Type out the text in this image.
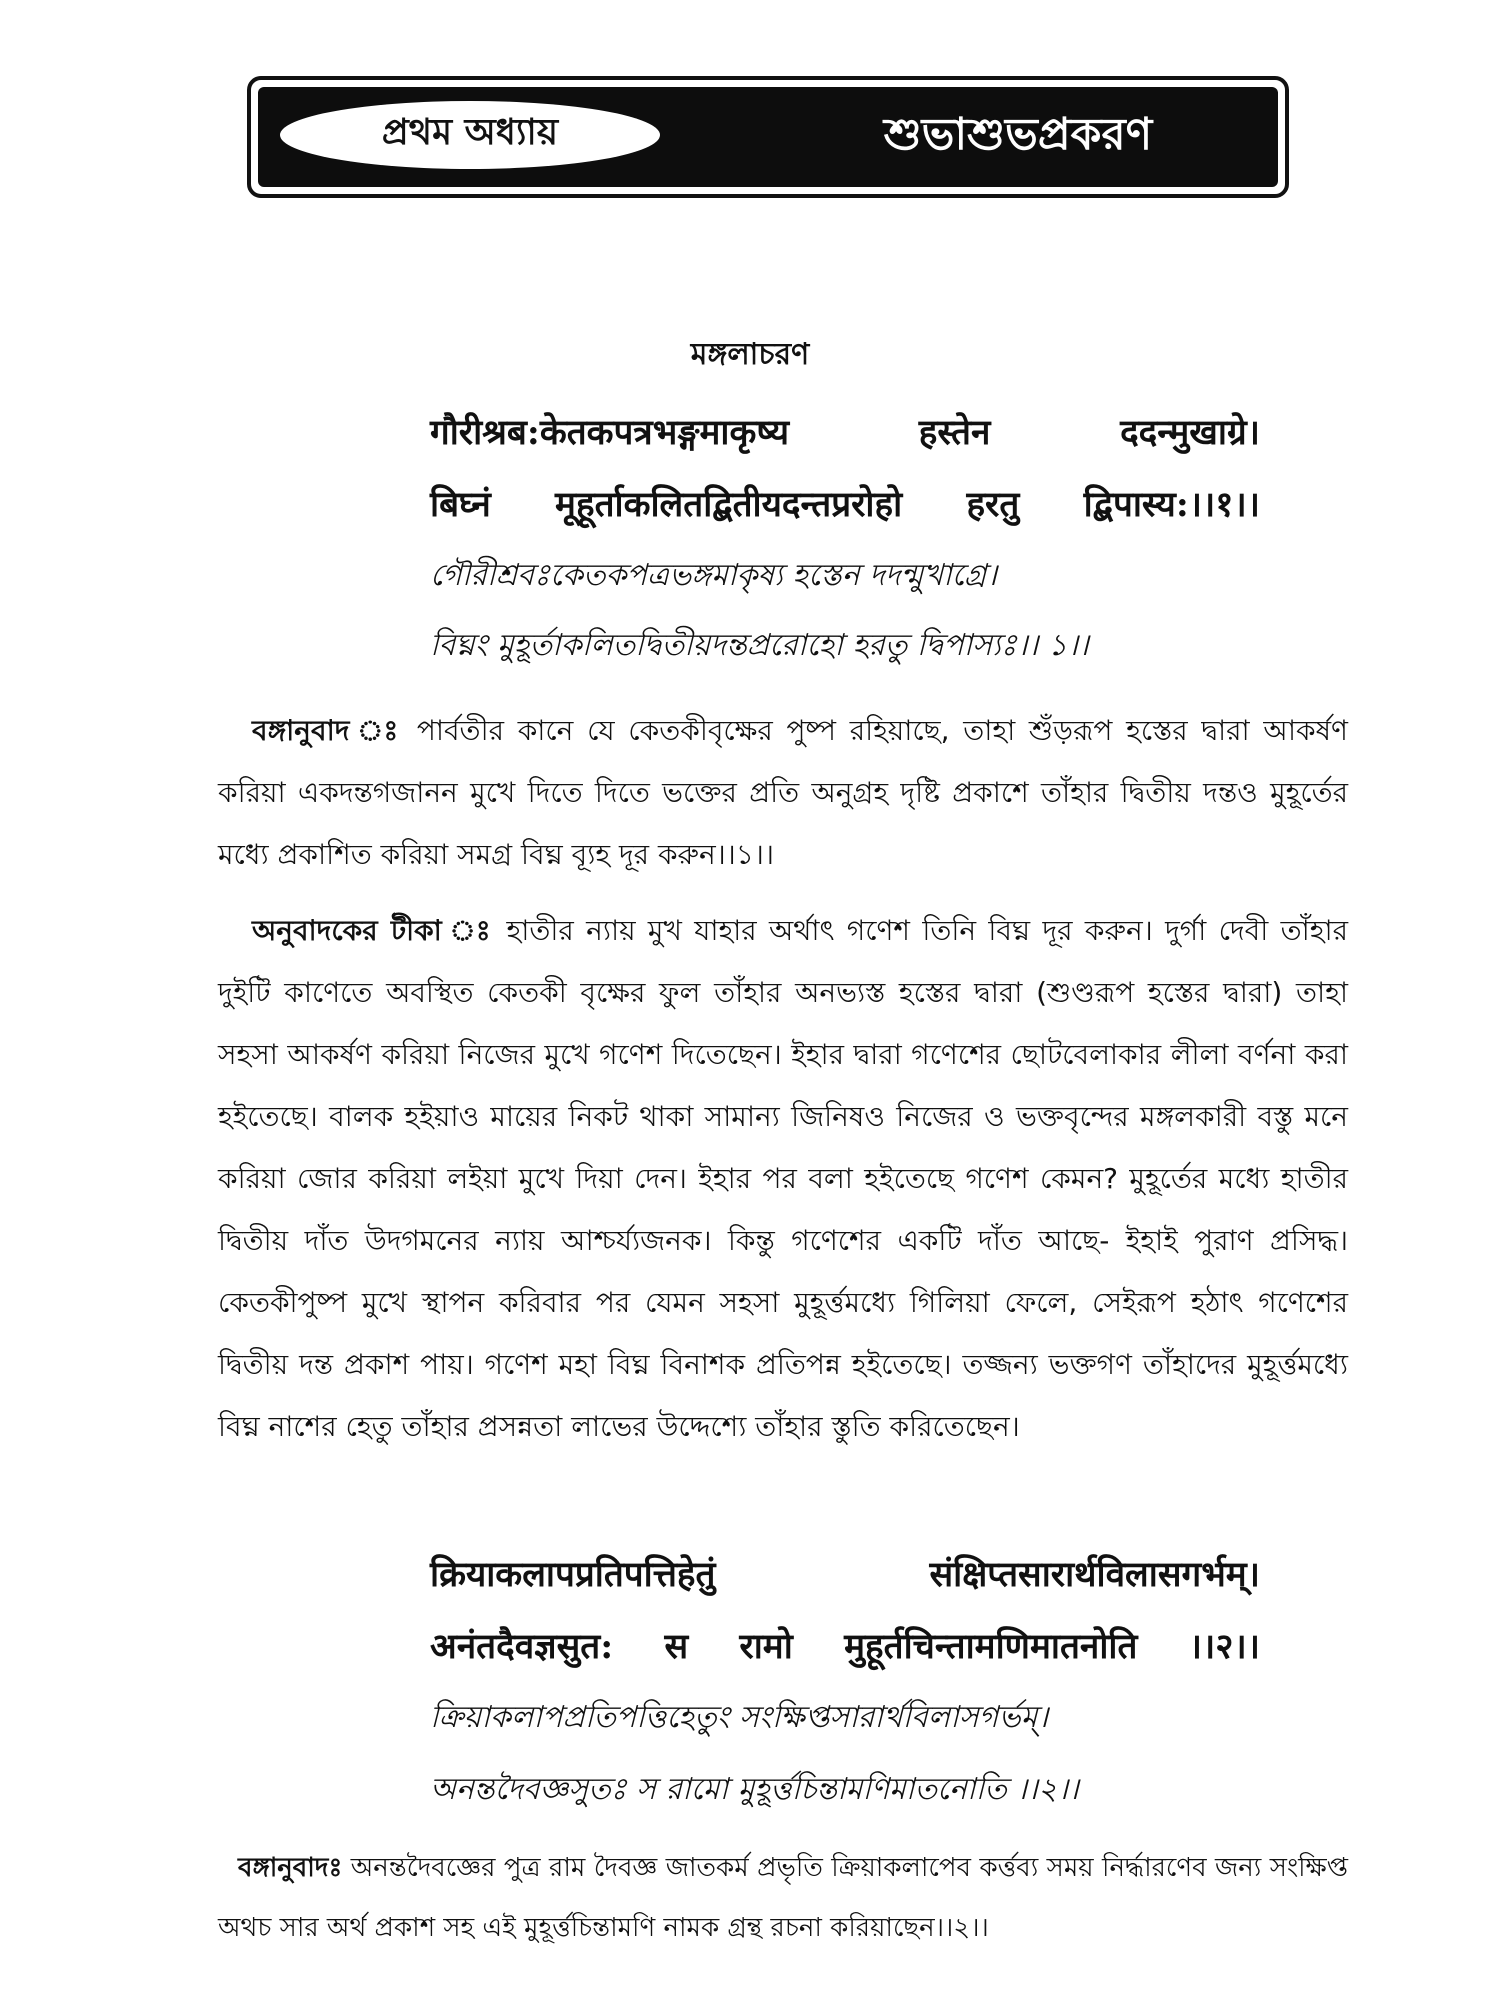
প্রথম অধ্যায়	শুভাশুভপ্রকরণ
মঙ্গলাচরণ
गौरीश्रब:केतकपत्रभङ्गमाकृष्य हस्तेन ददन्मुखाग्रे।
बिघ्नं मूहूर्ताकलितद्बितीयदन्तप्ररोहो हरतु द्बिपास्य:।।१।।
গৌরীশ্রবঃকেতকপত্রভঙ্গমাকৃষ্য হস্তেন দদন্মুখাগ্রে।
বিঘ্নং মুহূর্তাকলিতদ্বিতীয়দন্তপ্ররোহো হরতু দ্বিপাস্যঃ।। ১।।
বঙ্গানুবাদ ঃ পার্বতীর কানে যে কেতকীবৃক্ষের পুষ্প রহিয়াছে, তাহা শুঁড়রূপ হস্তের দ্বারা আকর্ষণ করিয়া একদন্তগজানন মুখে দিতে দিতে ভক্তের প্রতি অনুগ্রহ দৃষ্টি প্রকাশে তাঁহার দ্বিতীয় দন্তও মুহূর্তের মধ্যে প্রকাশিত করিয়া সমগ্র বিঘ্ন ব্যূহ দূর করুন।।১।।
অনুবাদকের টীকা ঃ হাতীর ন্যায় মুখ যাহার অর্থাৎ গণেশ তিনি বিঘ্ন দূর করুন। দুর্গা দেবী তাঁহার দুইটি কাণেতে অবস্থিত কেতকী বৃক্ষের ফুল তাঁহার অনভ্যস্ত হস্তের দ্বারা (শুণ্ডরূপ হস্তের দ্বারা) তাহা সহসা আকর্ষণ করিয়া নিজের মুখে গণেশ দিতেছেন। ইহার দ্বারা গণেশের ছোটবেলাকার লীলা বর্ণনা করা হইতেছে। বালক হইয়াও মায়ের নিকট থাকা সামান্য জিনিষও নিজের ও ভক্তবৃন্দের মঙ্গলকারী বস্তু মনে করিয়া জোর করিয়া লইয়া মুখে দিয়া দেন। ইহার পর বলা হইতেছে গণেশ কেমন? মুহূর্তের মধ্যে হাতীর দ্বিতীয় দাঁত উদগমনের ন্যায় আশ্চর্য্যজনক। কিন্তু গণেশের একটি দাঁত আছে- ইহাই পুরাণ প্রসিদ্ধ। কেতকীপুষ্প মুখে স্থাপন করিবার পর যেমন সহসা মুহূর্ত্তমধ্যে গিলিয়া ফেলে, সেইরূপ হঠাৎ গণেশের দ্বিতীয় দন্ত প্রকাশ পায়। গণেশ মহা বিঘ্ন বিনাশক প্রতিপন্ন হইতেছে। তজ্জন্য ভক্তগণ তাঁহাদের মুহূর্ত্তমধ্যে বিঘ্ন নাশের হেতু তাঁহার প্রসন্নতা লাভের উদ্দেশ্যে তাঁহার স্তুতি করিতেছেন।
क्रियाकलापप्रतिपत्तिहेतुं संक्षिप्तसारार्थविलासगर्भम्।
अनंतदैवज्ञसुत: स रामो मुहूर्तचिन्तामणिमातनोति ।।२।।
ক্রিয়াকলাপপ্রতিপত্তিহেতুং সংক্ষিপ্তসারার্থবিলাসগর্ভম্।
অনন্তদৈবজ্ঞসুতঃ স রামো মুহূর্ত্তচিন্তামণিমাতনোতি ।।২।।
বঙ্গানুবাদঃ অনন্তদৈবজ্ঞের পুত্র রাম দৈবজ্ঞ জাতকর্ম প্রভৃতি ক্রিয়াকলাপেব কর্ত্তব্য সময় নির্দ্ধারণেব জন্য সংক্ষিপ্ত অথচ সার অর্থ প্রকাশ সহ এই মুহূর্ত্তচিন্তামণি নামক গ্রন্থ রচনা করিয়াছেন।।২।।
